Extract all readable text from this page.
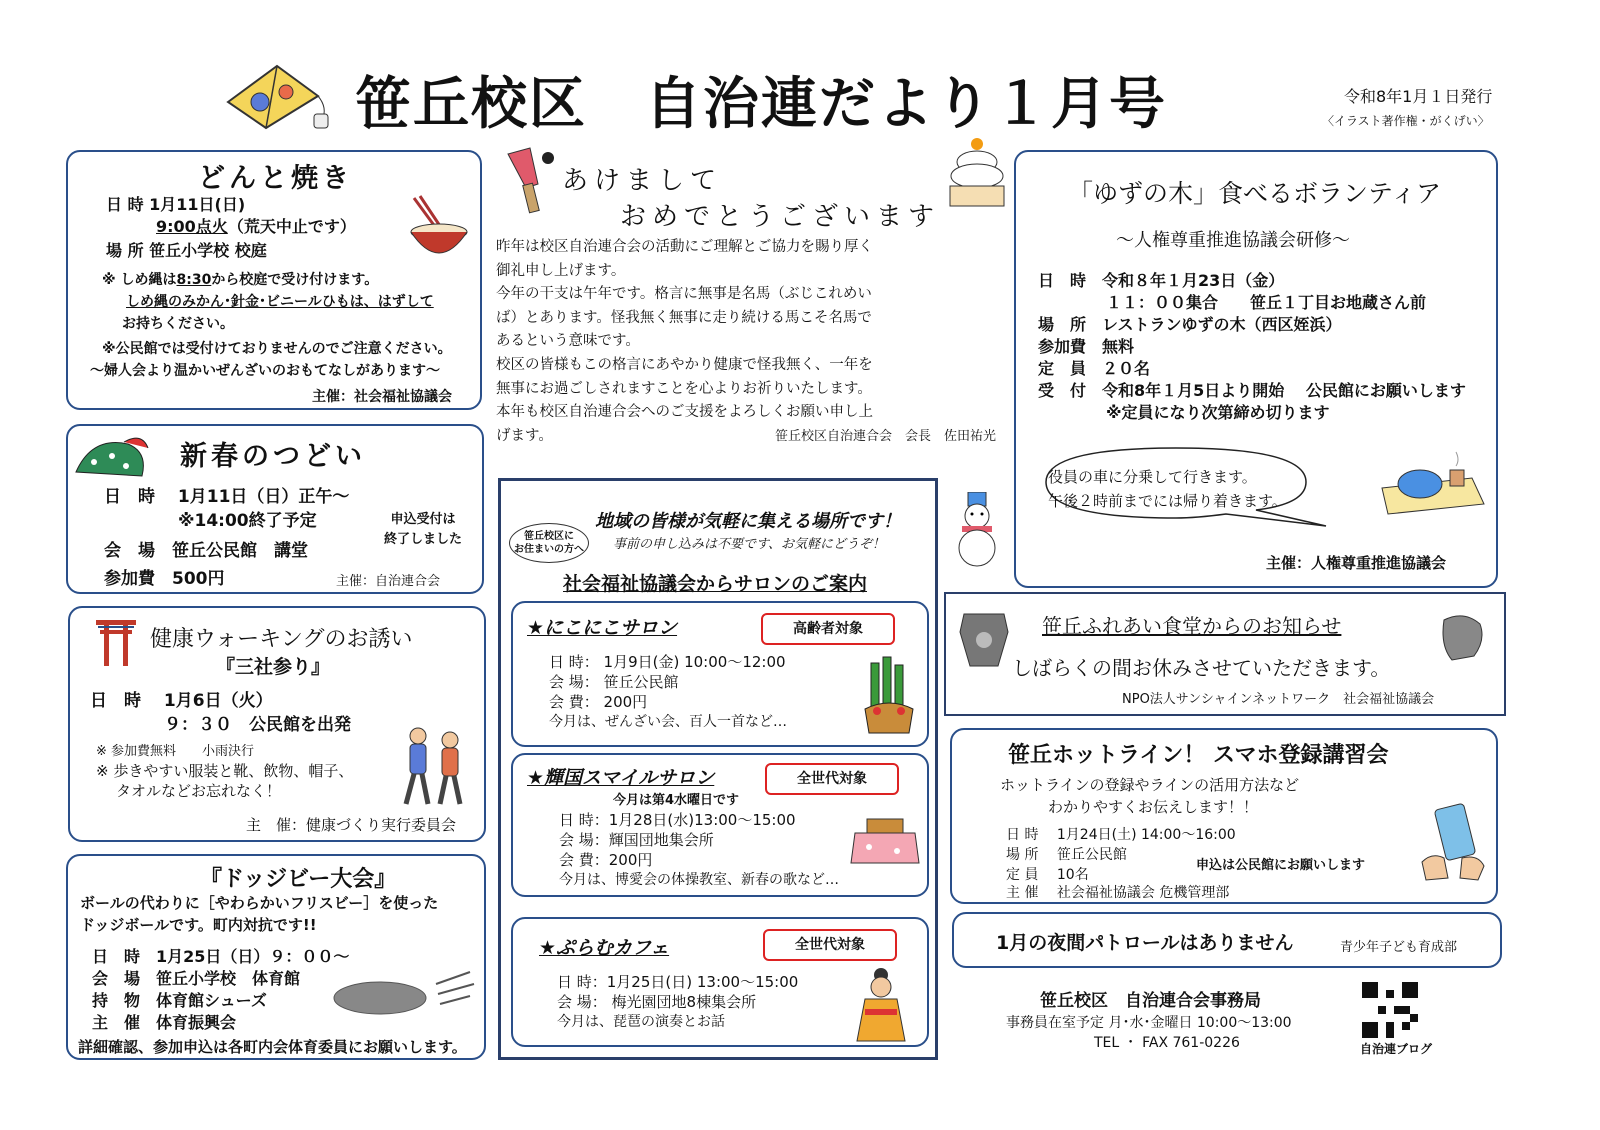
笹丘校区　自治連だより１月号	令和8年1月１日発行
〈イラスト著作権・がくげい〉
どんと焼き
日 時 1月11日(日)
9:00点火（荒天中止です）
場 所 笹丘小学校 校庭
※ しめ縄は8:30から校庭で受け付けます。
しめ縄のみかん･針金･ビニールひもは、はずして
お持ちください。
※公民館では受付けておりませんのでご注意ください。
～婦人会より温かいぜんざいのおもてなしがあります～
主催：社会福祉協議会
新春のつどい
日　時　 1月11日（日）正午～
※14:00終了予定
会　場　笹丘公民館　講堂
参加費　500円
申込受付は
終了しました
主催：自治連合会
健康ウォーキングのお誘い
『三社参り』
日　時　 1月6日（火）
９：３０　公民館を出発
※ 参加費無料　　小雨決行
※ 歩きやすい服装と靴、飲物、帽子、
タオルなどお忘れなく！
主　催：健康づくり実行委員会
『ドッジビー大会』
ボールの代わりに［やわらかいフリスビー］を使った
ドッジボールです。町内対抗です!!
日　時　1月25日（日）９：００～
会　場　笹丘小学校　体育館
持　物　体育館シューズ
主　催　体育振興会
詳細確認、参加申込は各町内会体育委員にお願いします。
あけまして
おめでとうございます
昨年は校区自治連合会の活動にご理解とご協力を賜り厚く
御礼申し上げます。
今年の干支は午年です。格言に無事是名馬（ぶじこれめい
ば）とあります。怪我無く無事に走り続ける馬こそ名馬で
あるという意味です。
校区の皆様もこの格言にあやかり健康で怪我無く、一年を
無事にお過ごしされますことを心よりお祈りいたします。
本年も校区自治連合会へのご支援をよろしくお願い申し上
げます。	笹丘校区自治連合会　会長　佐田祐光
笹丘校区に
お住まいの方へ
地域の皆様が気軽に集える場所です！
事前の申し込みは不要です、お気軽にどうぞ！
社会福祉協議会からサロンのご案内
★にこにこサロン	高齢者対象
日 時： 1月9日(金) 10:00～12:00
会 場： 笹丘公民館
会 費： 200円
今月は、ぜんざい会、百人一首など…
★輝国スマイルサロン	全世代対象
今月は第4水曜日です
日 時：1月28日(水)13:00～15:00
会 場：輝国団地集会所
会 費：200円
今月は、博愛会の体操教室、新春の歌など…
★ぷらむカフェ	全世代対象
日 時：1月25日(日) 13:00～15:00
会 場： 梅光園団地8棟集会所
今月は、琵琶の演奏とお話
「ゆずの木」食べるボランティア
～人権尊重推進協議会研修～
日　時　令和８年１月23日（金）
１１：００集合　　笹丘１丁目お地蔵さん前
場　所　レストランゆずの木（西区姪浜）
参加費　無料
定　員　２０名
受　付　令和8年１月5日より開始　 公民館にお願いします
※定員になり次第締め切ります
役員の車に分乗して行きます。
午後２時前までには帰り着きます。
主催：人権尊重推進協議会
笹丘ふれあい食堂からのお知らせ
しばらくの間お休みさせていただきます。
NPO法人サンシャインネットワーク　社会福祉協議会
笹丘ホットライン！ スマホ登録講習会
ホットラインの登録やラインの活用方法など
わかりやすくお伝えします！！
日 時　 1月24日(土) 14:00～16:00
場 所　 笹丘公民館
定 員　 10名
主 催　 社会福祉協議会 危機管理部
申込は公民館にお願いします
1月の夜間パトロールはありません	青少年子ども育成部
笹丘校区　自治連合会事務局
事務員在室予定 月･水･金曜日 10:00～13:00
TEL ・ FAX 761-0226	自治連ブログ
